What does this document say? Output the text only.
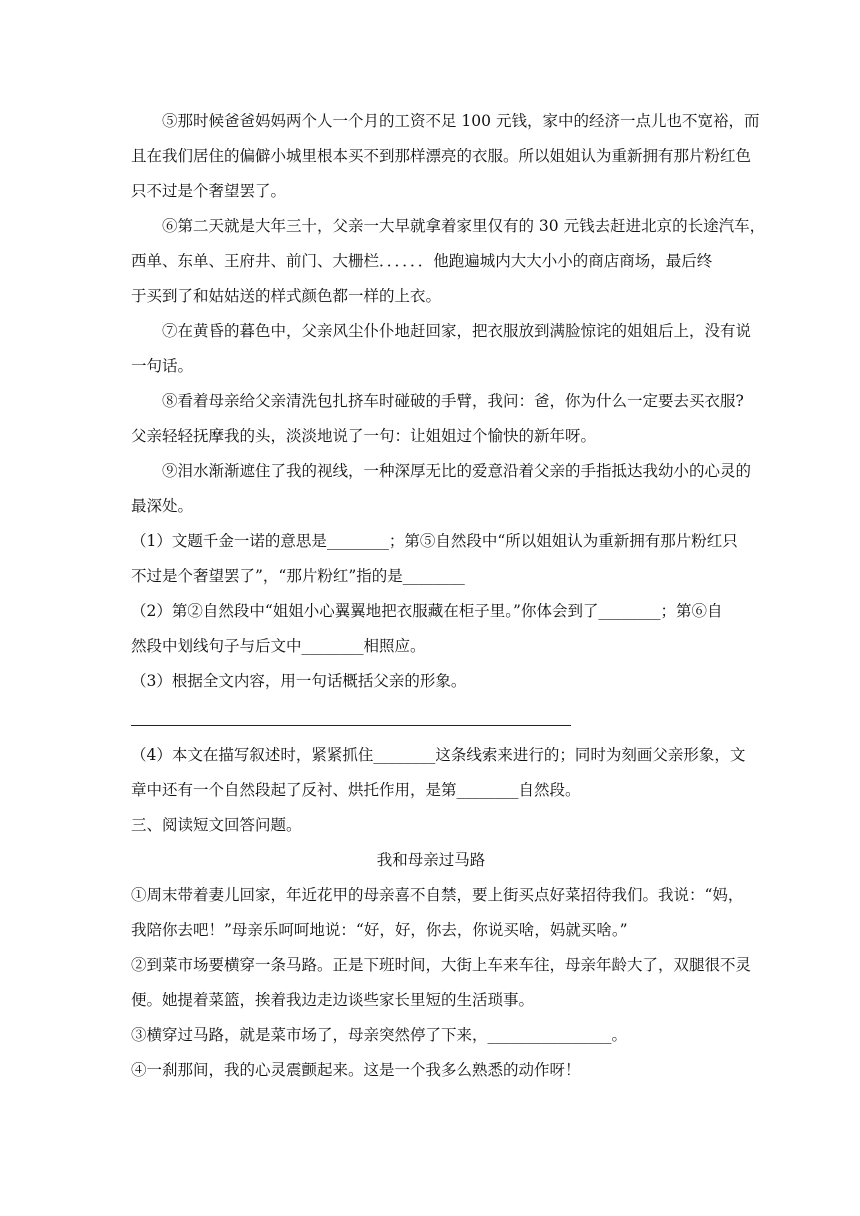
⑤那时候爸爸妈妈两个人一个月的工资不足 100 元钱，家中的经济一点儿也不宽裕，而
且在我们居住的偏僻小城里根本买不到那样漂亮的衣服。所以姐姐认为重新拥有那片粉红色
只不过是个奢望罢了。
⑥第二天就是大年三十，父亲一大早就拿着家里仅有的 30 元钱去赶进北京的长途汽车，
西单、东单、王府井、前门、大栅栏．．．．．．他跑遍城内大大小小的商店商场，最后终
于买到了和姑姑送的样式颜色都一样的上衣。
⑦在黄昏的暮色中，父亲风尘仆仆地赶回家，把衣服放到满脸惊诧的姐姐后上，没有说
一句话。
⑧看着母亲给父亲清洗包扎挤车时碰破的手臂，我问：爸，你为什么一定要去买衣服?
父亲轻轻抚摩我的头，淡淡地说了一句：让姐姐过个愉快的新年呀。
⑨泪水渐渐遮住了我的视线，一种深厚无比的爱意沿着父亲的手指抵达我幼小的心灵的
最深处。
（1）文题千金一诺的意思是________；第⑤自然段中“所以姐姐认为重新拥有那片粉红只
不过是个奢望罢了”，“那片粉红”指的是________
（2）第②自然段中“姐姐小心翼翼地把衣服藏在柜子里。”你体会到了________；第⑥自
然段中划线句子与后文中________相照应。
（3）根据全文内容，用一句话概括父亲的形象。
（4）本文在描写叙述时，紧紧抓住________这条线索来进行的；同时为刻画父亲形象，文
章中还有一个自然段起了反衬、烘托作用，是第________自然段。
三、阅读短文回答问题。
我和母亲过马路
①周末带着妻儿回家，年近花甲的母亲喜不自禁，要上街买点好菜招待我们。我说：“妈，
我陪你去吧！”母亲乐呵呵地说：“好，好，你去，你说买啥，妈就买啥。”
②到菜市场要横穿一条马路。正是下班时间，大街上车来车往，母亲年龄大了，双腿很不灵
便。她提着菜篮，挨着我边走边谈些家长里短的生活琐事。
③横穿过马路，就是菜市场了，母亲突然停了下来，________________。
④一刹那间，我的心灵震颤起来。这是一个我多么熟悉的动作呀！
